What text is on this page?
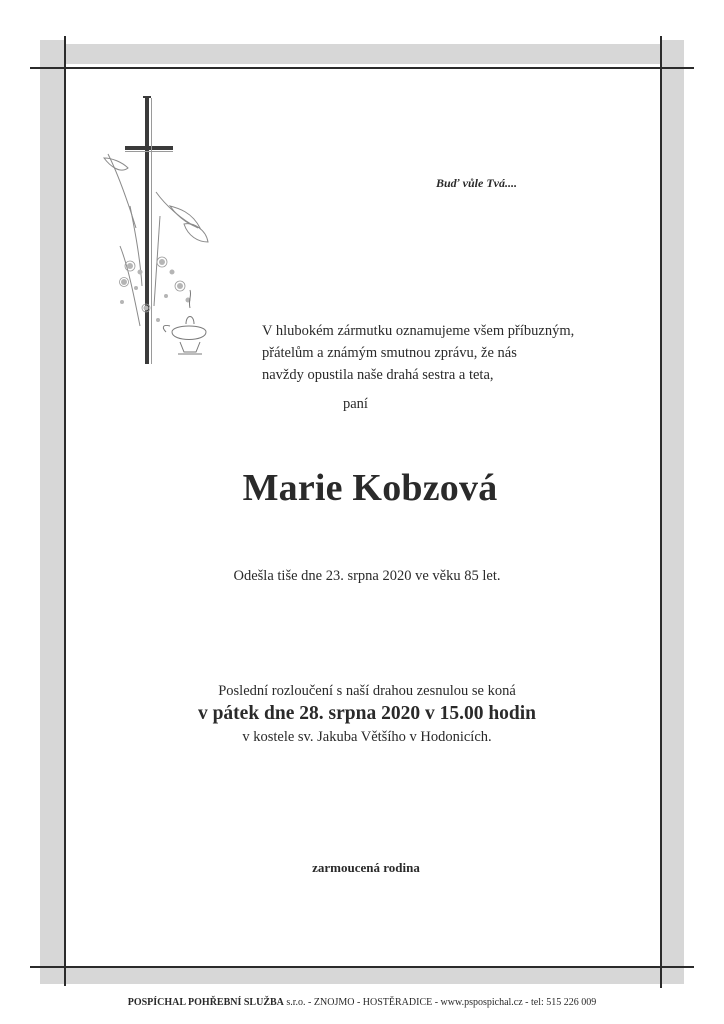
Buď vůle Tvá....

V hlubokém zármutku oznamujeme všem příbuzným,
přátelům a známým smutnou zprávu, že nás
navždy opustila naše drahá sestra a teta,

paní

Marie Kobzová

Odešla tiše dne 23. srpna 2020 ve věku 85 let.

Poslední rozloučení s naší drahou zesnulou se koná
v pátek dne 28. srpna 2020 v 15.00 hodin
v kostele sv. Jakuba Většího v Hodonicích.

zarmoucená rodina

POSPÍCHAL POHŘEBNÍ SLUŽBA s.r.o. - ZNOJMO - HOSTĚRADICE - www.pspospichal.cz - tel: 515 226 009
